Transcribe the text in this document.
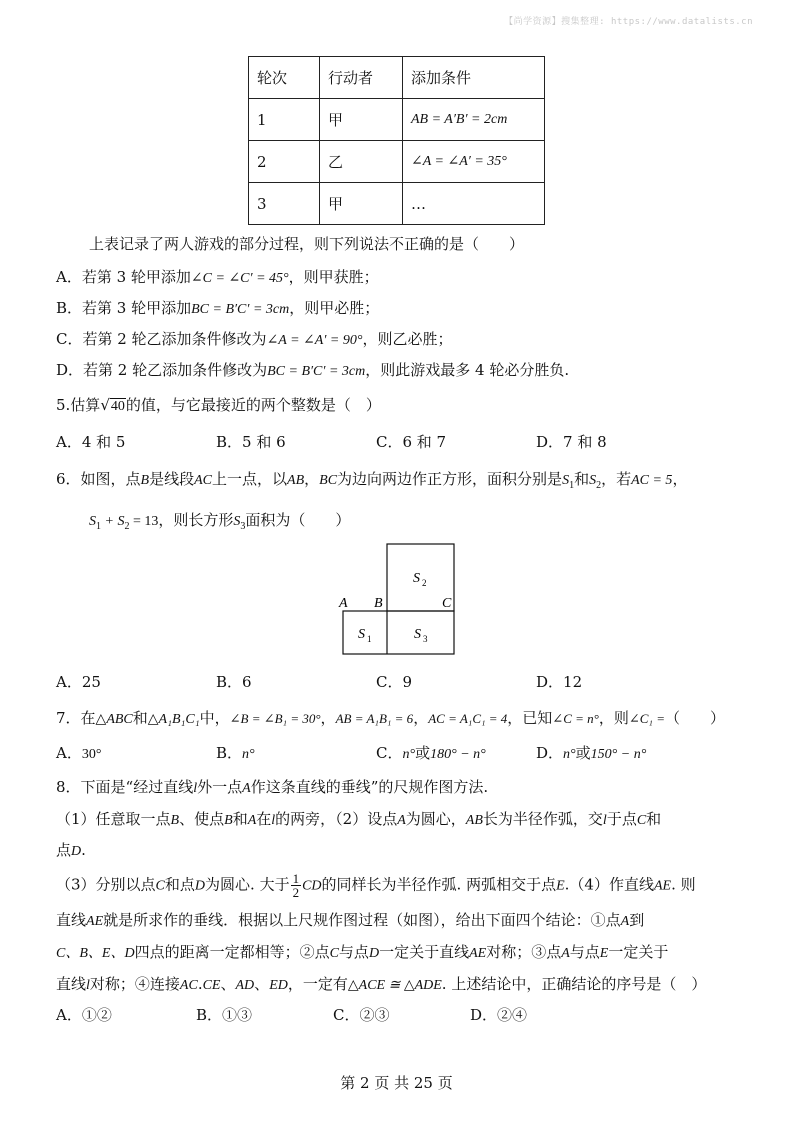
【尚学资源】搜集整理: https://www.datalists.cn
轮次	行动者	添加条件
1	甲	AB = A′B′ = 2cm
2	乙	∠A = ∠A′ = 35°
3	甲	…
上表记录了两人游戏的部分过程，则下列说法不正确的是（　　）
A．若第 3 轮甲添加∠C = ∠C′ = 45°，则甲获胜；
B．若第 3 轮甲添加BC = B′C′ = 3cm，则甲必胜；
C．若第 2 轮乙添加条件修改为∠A = ∠A′ = 90°，则乙必胜；
D．若第 2 轮乙添加条件修改为BC = B′C′ = 3cm，则此游戏最多 4 轮必分胜负.
5.估算√40的值，与它最接近的两个整数是（　）
A．4 和 5	B．5 和 6	C．6 和 7	D．7 和 8
6．如图，点B是线段AC上一点，以AB，BC为边向两边作正方形，面积分别是$S_1$和$S_2$，若AC = 5，
$S_1 + S_2 = 13$，则长方形$S_3$面积为（　　）
A B	C
S 2
S 1	S 3
A．25	B．6	C．9	D．12
7．在△ABC和△A₁B₁C₁中，∠B = ∠B₁ = 30°，AB = A₁B₁ = 6，AC = A₁C₁ = 4，已知∠C = n°，则∠C₁ =（　　）
A．30°	B．n°	C．n°或180° − n°	D．n°或150° − n°
8．下面是“经过直线l外一点A作这条直线的垂线”的尺规作图方法.
（1）任意取一点B、使点B和A在l的两旁，（2）设点A为圆心，AB长为半径作弧，交l于点C和
点D.
（3）分别以点C和点D为圆心. 大于 $\frac{1}{2}$ CD的同样长为半径作弧. 两弧相交于点E.（4）作直线AE. 则
直线AE就是所求作的垂线．根据以上尺规作图过程（如图），给出下面四个结论：①点A到
C、B、E、D四点的距离一定都相等；②点C与点D一定关于直线AE对称；③点A与点E一定关于
直线l对称；④连接AC.CE、AD、ED，一定有△ACE ≅ △ADE. 上述结论中，正确结论的序号是（　）
A．①②	B．①③	C．②③	D．②④
第 2 页 共 25 页
